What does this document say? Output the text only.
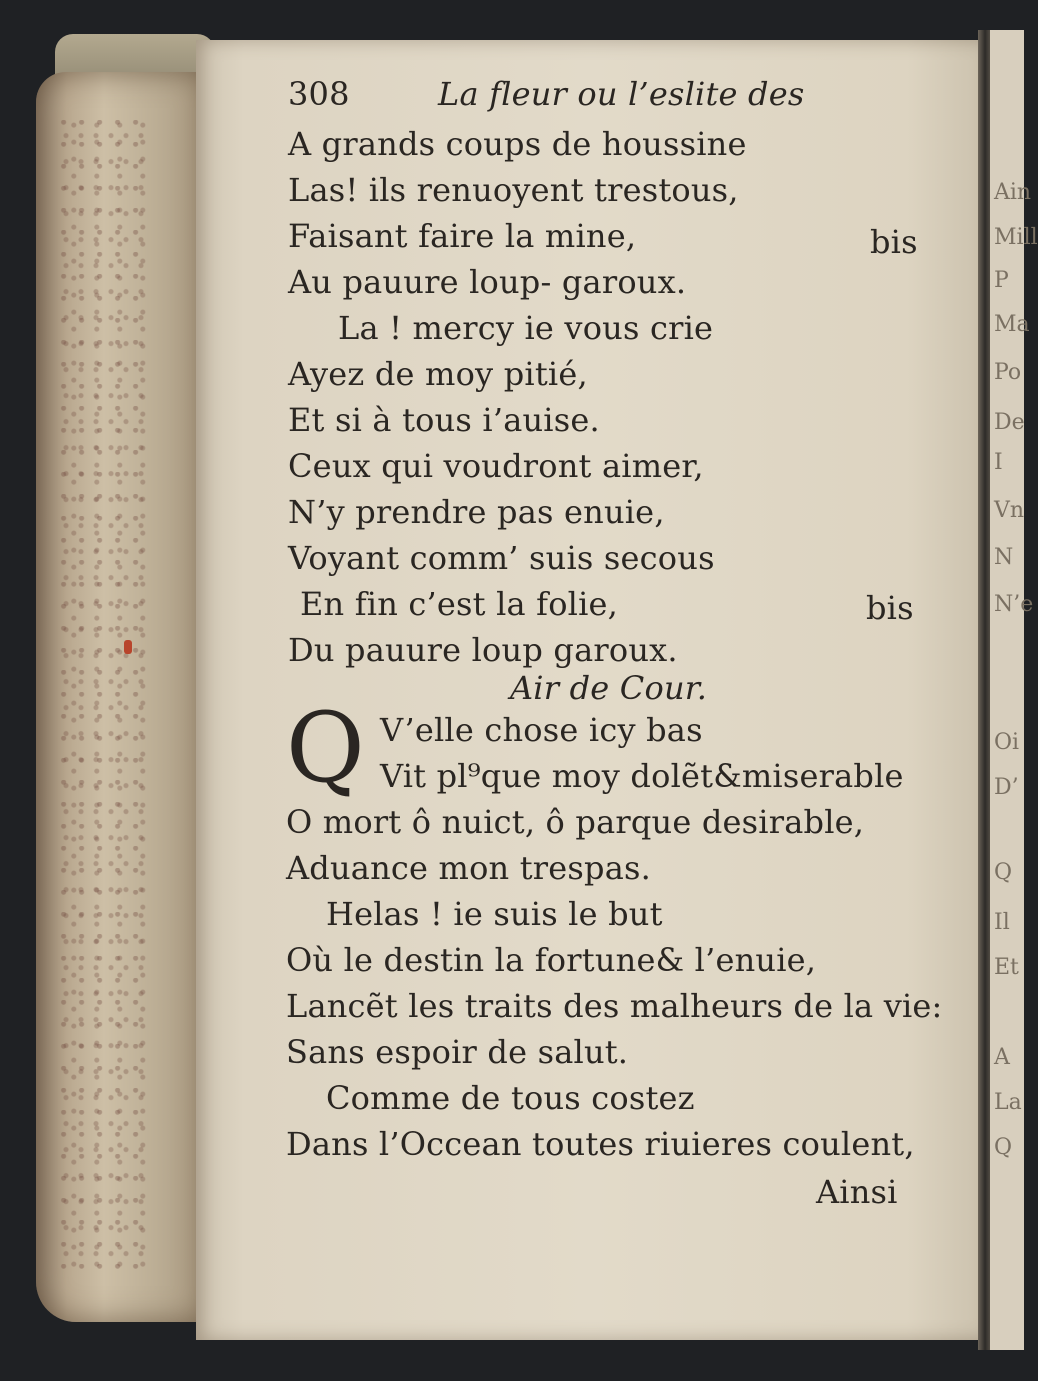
Ain
Mill
P
Ma
Po
De
I
Vn
N
N’e
Oi
D’
Q
Il
Et
A
La
Q
308	La fleur ou l’eslite des
A grands coups de houssine
Las! ils renuoyent trestous,
Faisant faire la mine,	bis
Au pauure loup- garoux.
La ! mercy ie vous crie
Ayez de moy pitié,
Et si à tous i’auise.
Ceux qui voudront aimer,
N’y prendre pas enuie,
Voyant comm’ suis secous
En fin c’est la folie,	bis
Du pauure loup garoux.
Air de Cour.
Q V’elle chose icy bas
Vit pl⁹que moy dolẽt&miserable
O mort ô nuict, ô parque desirable,
Aduance mon trespas.
Helas ! ie suis le but
Où le destin la fortune& l’enuie,
Lancẽt les traits des malheurs de la vie:
Sans espoir de salut.
Comme de tous costez
Dans l’Occean toutes riuieres coulent,
Ainsi
